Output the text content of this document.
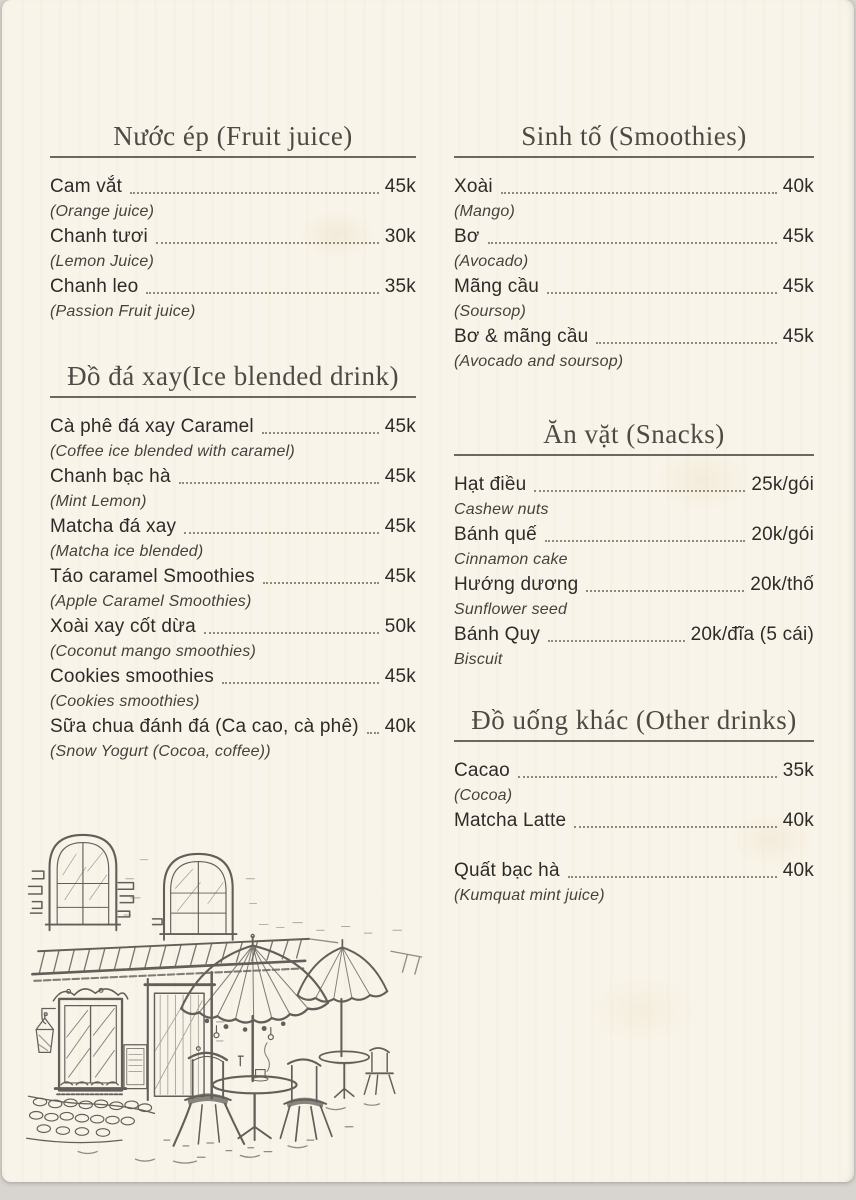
Nước ép (Fruit juice)
Cam vắt	45k
(Orange juice)
Chanh tươi	30k
(Lemon Juice)
Chanh leo	35k
(Passion Fruit juice)
Đồ đá xay(Ice blended drink)
Cà phê đá xay Caramel	45k
(Coffee ice blended with caramel)
Chanh bạc hà	45k
(Mint Lemon)
Matcha đá xay	45k
(Matcha ice blended)
Táo caramel Smoothies	45k
(Apple Caramel Smoothies)
Xoài xay cốt dừa	50k
(Coconut mango smoothies)
Cookies smoothies	45k
(Cookies smoothies)
Sữa chua đánh đá (Ca cao, cà phê) 40k
(Snow Yogurt (Cocoa, coffee))
Sinh tố (Smoothies)
Xoài	40k
(Mango)
Bơ	45k
(Avocado)
Mãng cầu	45k
(Soursop)
Bơ & mãng cầu	45k
(Avocado and soursop)
Ăn vặt (Snacks)
Hạt điều	25k/gói
Cashew nuts
Bánh quế	20k/gói
Cinnamon cake
Hướng dương	20k/thố
Sunflower seed
Bánh Quy	20k/đĩa (5 cái)
Biscuit
Đồ uống khác (Other drinks)
Cacao	35k
(Cocoa)
Matcha Latte	40k
Quất bạc hà	40k
(Kumquat mint juice)
